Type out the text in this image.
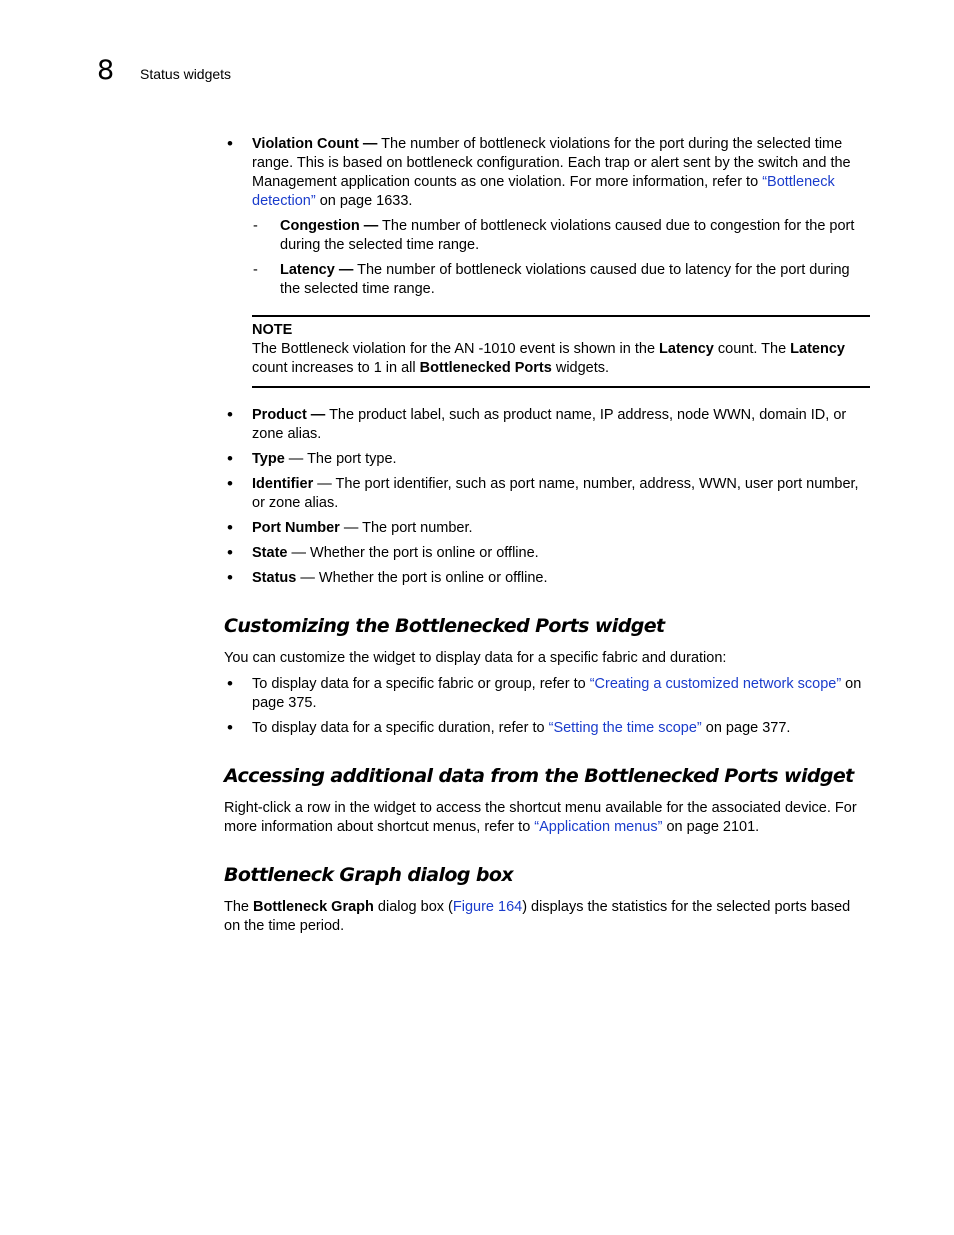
8 Status widgets
• Violation Count — The number of bottleneck violations for the port during the selected time range. This is based on bottleneck configuration. Each trap or alert sent by the switch and the Management application counts as one violation. For more information, refer to “Bottleneck detection” on page 1633.
- Congestion — The number of bottleneck violations caused due to congestion for the port during the selected time range.
- Latency — The number of bottleneck violations caused due to latency for the port during the selected time range.
NOTE
The Bottleneck violation for the AN -1010 event is shown in the Latency count. The Latency count increases to 1 in all Bottlenecked Ports widgets.
• Product — The product label, such as product name, IP address, node WWN, domain ID, or zone alias.
• Type — The port type.
• Identifier — The port identifier, such as port name, number, address, WWN, user port number, or zone alias.
• Port Number — The port number.
• State — Whether the port is online or offline.
• Status — Whether the port is online or offline.
Customizing the Bottlenecked Ports widget

You can customize the widget to display data for a specific fabric and duration:

• To display data for a specific fabric or group, refer to “Creating a customized network scope” on page 375.
• To display data for a specific duration, refer to “Setting the time scope” on page 377.
Accessing additional data from the Bottlenecked Ports widget

Right-click a row in the widget to access the shortcut menu available for the associated device. For more information about shortcut menus, refer to “Application menus” on page 2101.

Bottleneck Graph dialog box

The Bottleneck Graph dialog box (Figure 164) displays the statistics for the selected ports based on the time period.
